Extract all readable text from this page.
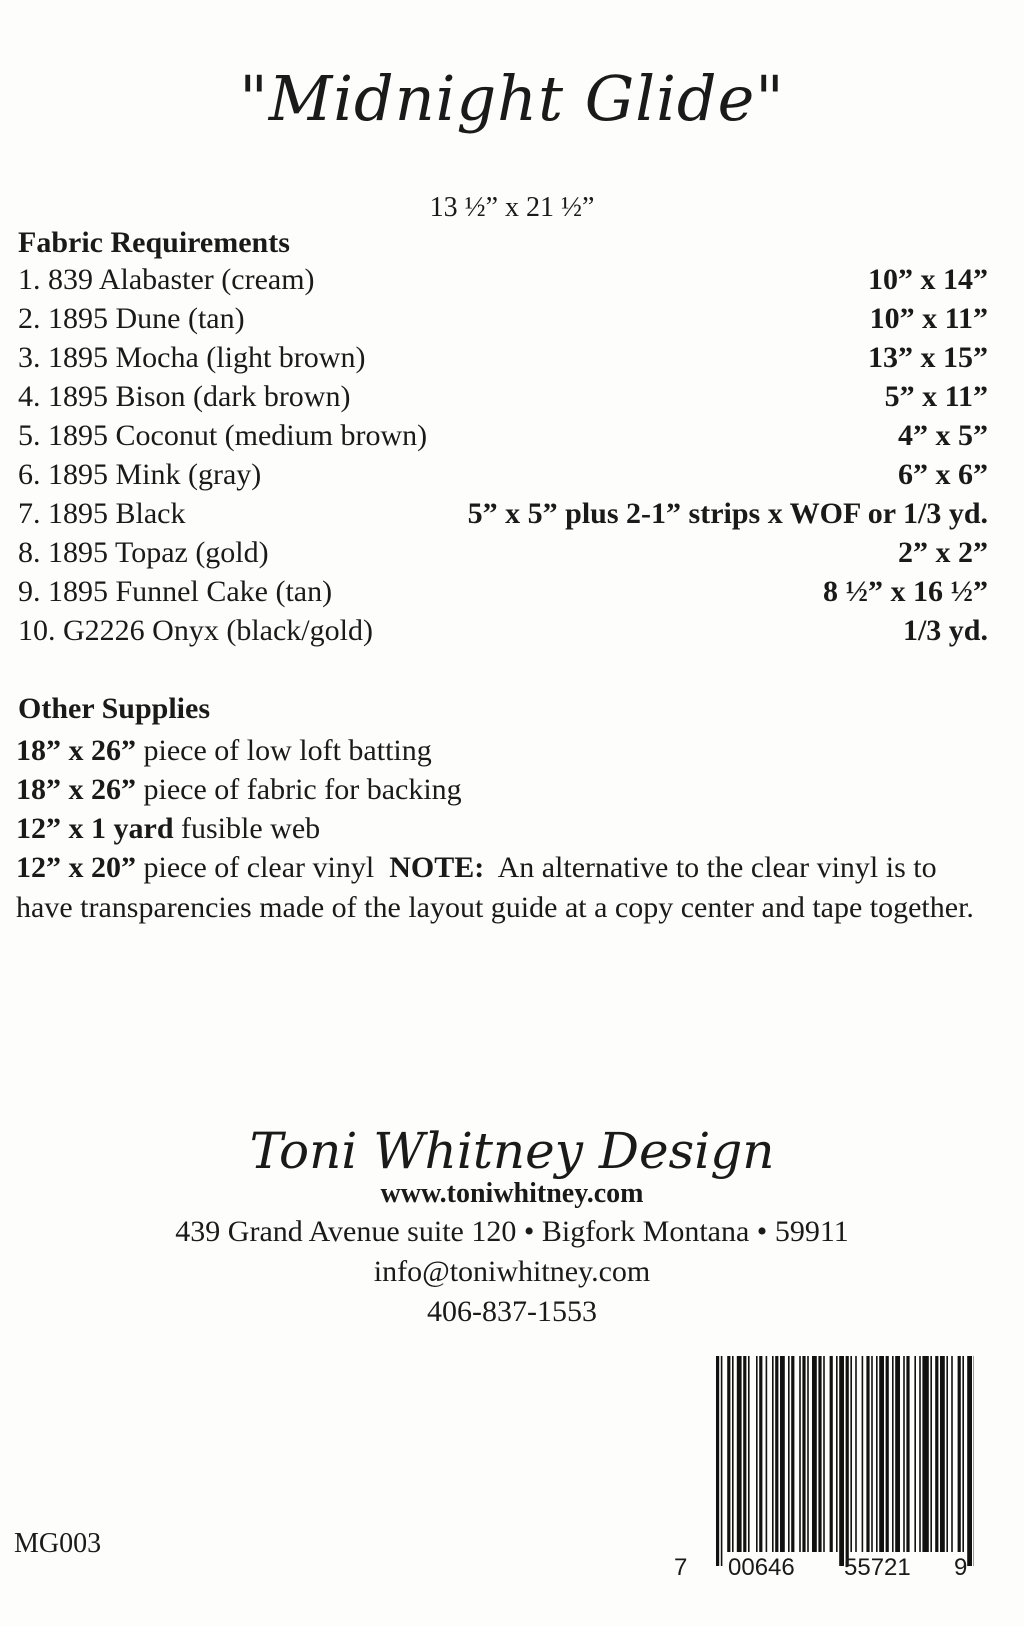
"Midnight Glide"
13 ½” x 21 ½”
Fabric Requirements
1. 839 Alabaster (cream)	10” x 14”
2. 1895 Dune (tan)	10” x 11”
3. 1895 Mocha (light brown)	13” x 15”
4. 1895 Bison (dark brown)	5” x 11”
5. 1895 Coconut (medium brown)	4” x 5”
6. 1895 Mink (gray)	6” x 6”
7. 1895 Black	5” x 5” plus 2-1” strips x WOF or 1/3 yd.
8. 1895 Topaz (gold)	2” x 2”
9. 1895 Funnel Cake (tan)	8 ½” x 16 ½”
10. G2226 Onyx (black/gold)	1/3 yd.
Other Supplies
18” x 26” piece of low loft batting
18” x 26” piece of fabric for backing
12” x 1 yard fusible web
12” x 20” piece of clear vinyl  NOTE:  An alternative to the clear vinyl is to have transparencies made of the layout guide at a copy center and tape together.
Toni Whitney Design
www.toniwhitney.com
439 Grand Avenue suite 120 • Bigfork Montana • 59911
info@toniwhitney.com
406-837-1553
MG003
7 00646 55721 9
